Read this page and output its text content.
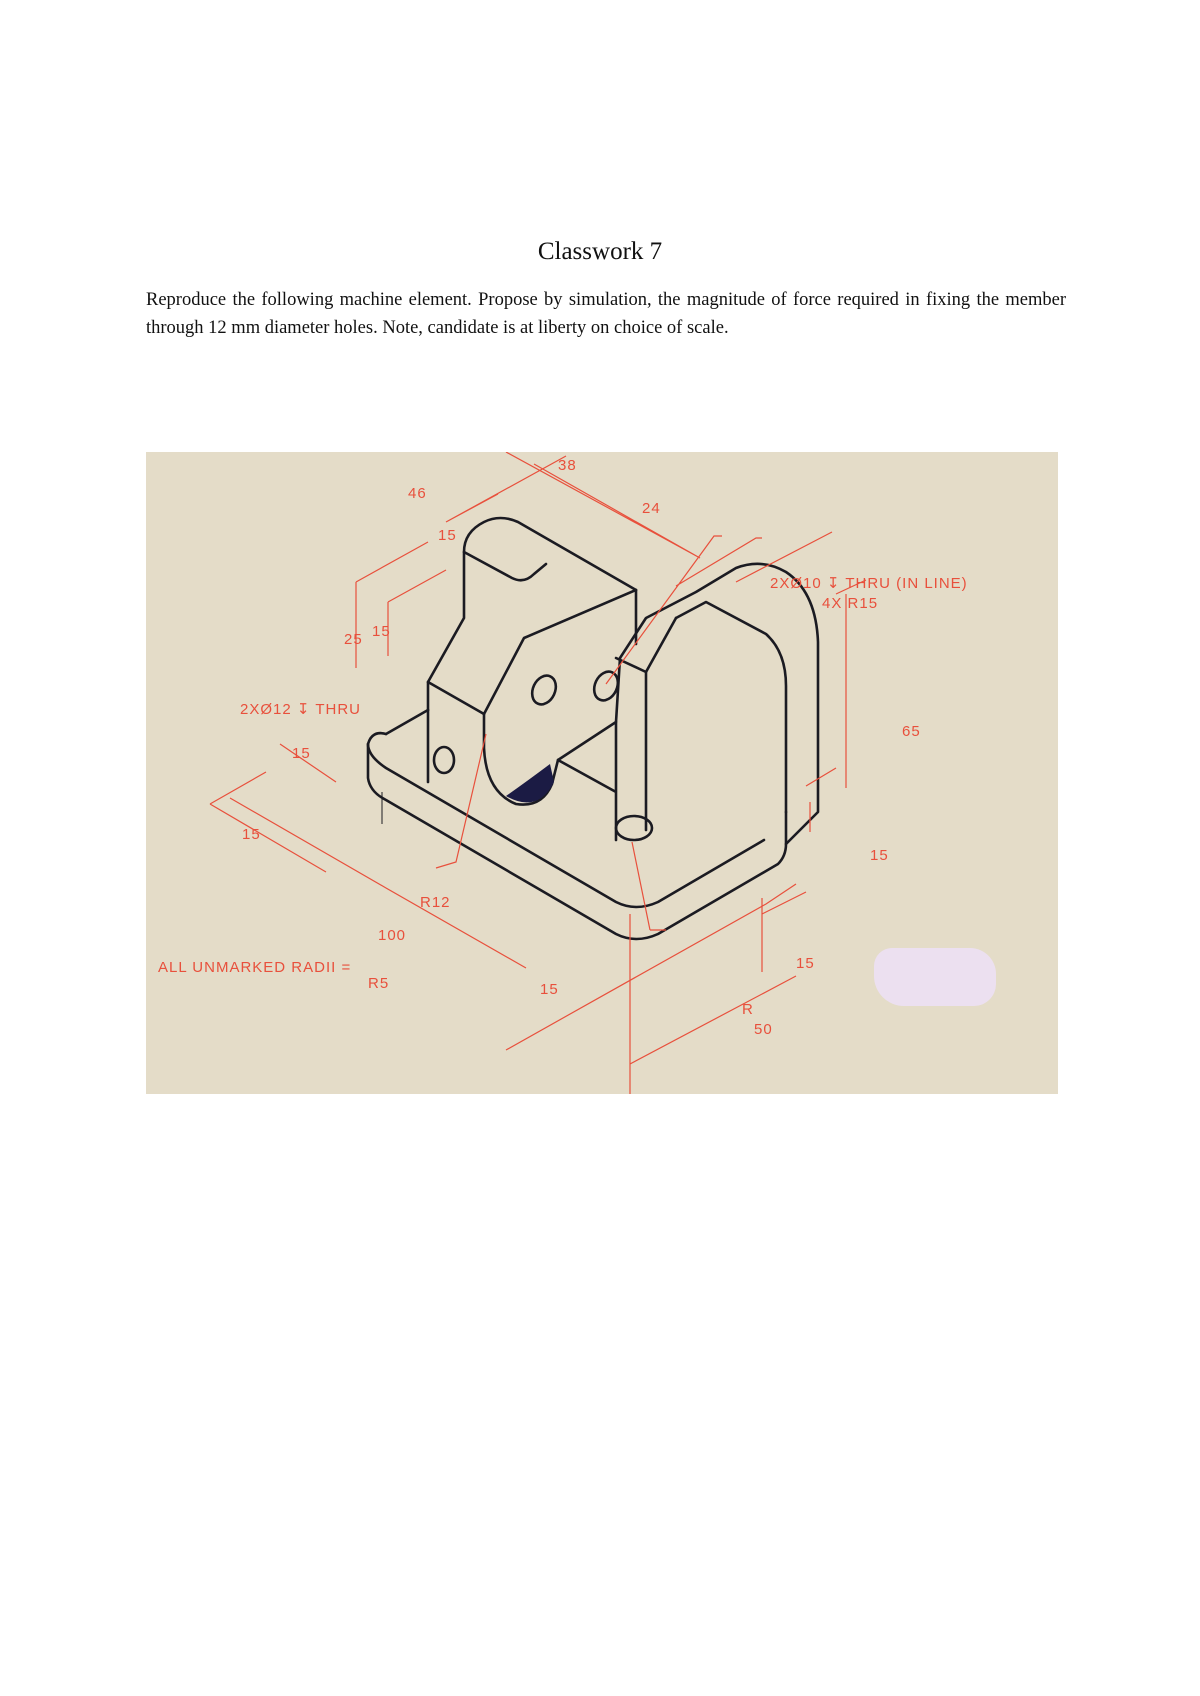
Classwork 7
Reproduce the following machine element. Propose by simulation, the magnitude of force required in fixing the member through 12 mm diameter holes. Note, candidate is at liberty on choice of scale.
38
24
46
15
25 15
2XØ12 ↧ THRU
15
15
R12
100
ALL UNMARKED RADII =
R5	15
2XØ10 ↧ THRU (IN LINE)
4X R15
65
15
15
R
50
